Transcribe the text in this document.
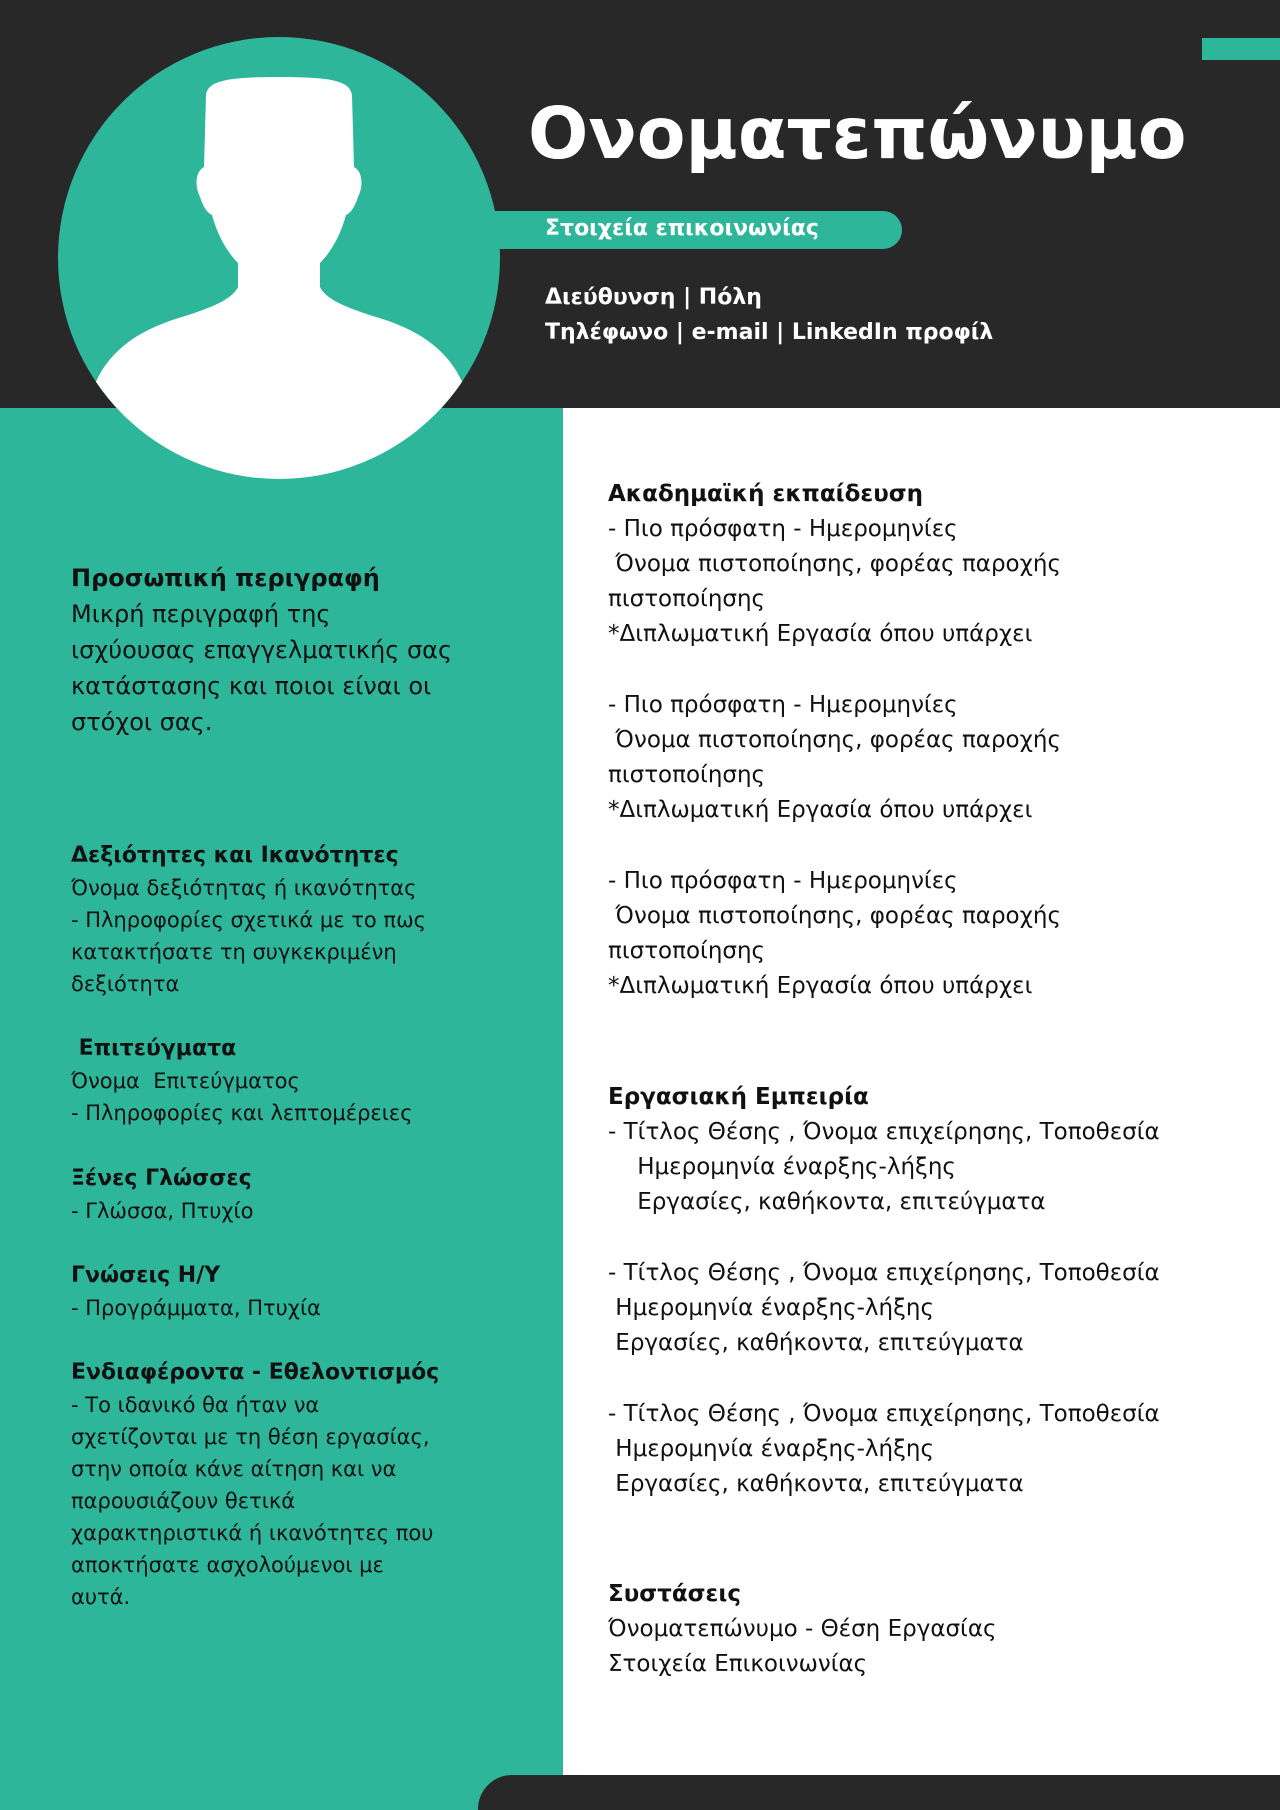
Ονοματεπώνυμο
Στοιχεία επικοινωνίας
Διεύθυνση | Πόλη
Τηλέφωνο | e-mail | LinkedIn προφίλ
Προσωπική περιγραφή
Μικρή περιγραφή της
ισχύουσας επαγγελματικής σας
κατάστασης και ποιοι είναι οι
στόχοι σας.
Δεξιότητες και Ικανότητες
Όνομα δεξιότητας ή ικανότητας
- Πληροφορίες σχετικά με το πως
κατακτήσατε τη συγκεκριμένη
δεξιότητα
Επιτεύγματα
Όνομα  Επιτεύγματος
- Πληροφορίες και λεπτομέρειες
Ξένες Γλώσσες
- Γλώσσα, Πτυχίο
Γνώσεις Η/Υ
- Προγράμματα, Πτυχία
Ενδιαφέροντα - Εθελοντισμός
- Το ιδανικό θα ήταν να
σχετίζονται με τη θέση εργασίας,
στην οποία κάνε αίτηση και να
παρουσιάζουν θετικά
χαρακτηριστικά ή ικανότητες που
αποκτήσατε ασχολούμενοι με
αυτά.
Ακαδημαϊκή εκπαίδευση
- Πιο πρόσφατη - Ημερομηνίες
Όνομα πιστοποίησης, φορέας παροχής
πιστοποίησης
*Διπλωματική Εργασία όπου υπάρχει
- Πιο πρόσφατη - Ημερομηνίες
Όνομα πιστοποίησης, φορέας παροχής
πιστοποίησης
*Διπλωματική Εργασία όπου υπάρχει
- Πιο πρόσφατη - Ημερομηνίες
Όνομα πιστοποίησης, φορέας παροχής
πιστοποίησης
*Διπλωματική Εργασία όπου υπάρχει
Εργασιακή Εμπειρία
- Τίτλος Θέσης , Όνομα επιχείρησης, Τοποθεσία
Ημερομηνία έναρξης-λήξης
Εργασίες, καθήκοντα, επιτεύγματα
- Τίτλος Θέσης , Όνομα επιχείρησης, Τοποθεσία
Ημερομηνία έναρξης-λήξης
Εργασίες, καθήκοντα, επιτεύγματα
- Τίτλος Θέσης , Όνομα επιχείρησης, Τοποθεσία
Ημερομηνία έναρξης-λήξης
Εργασίες, καθήκοντα, επιτεύγματα
Συστάσεις
Όνοματεπώνυμο - Θέση Εργασίας
Στοιχεία Επικοινωνίας
